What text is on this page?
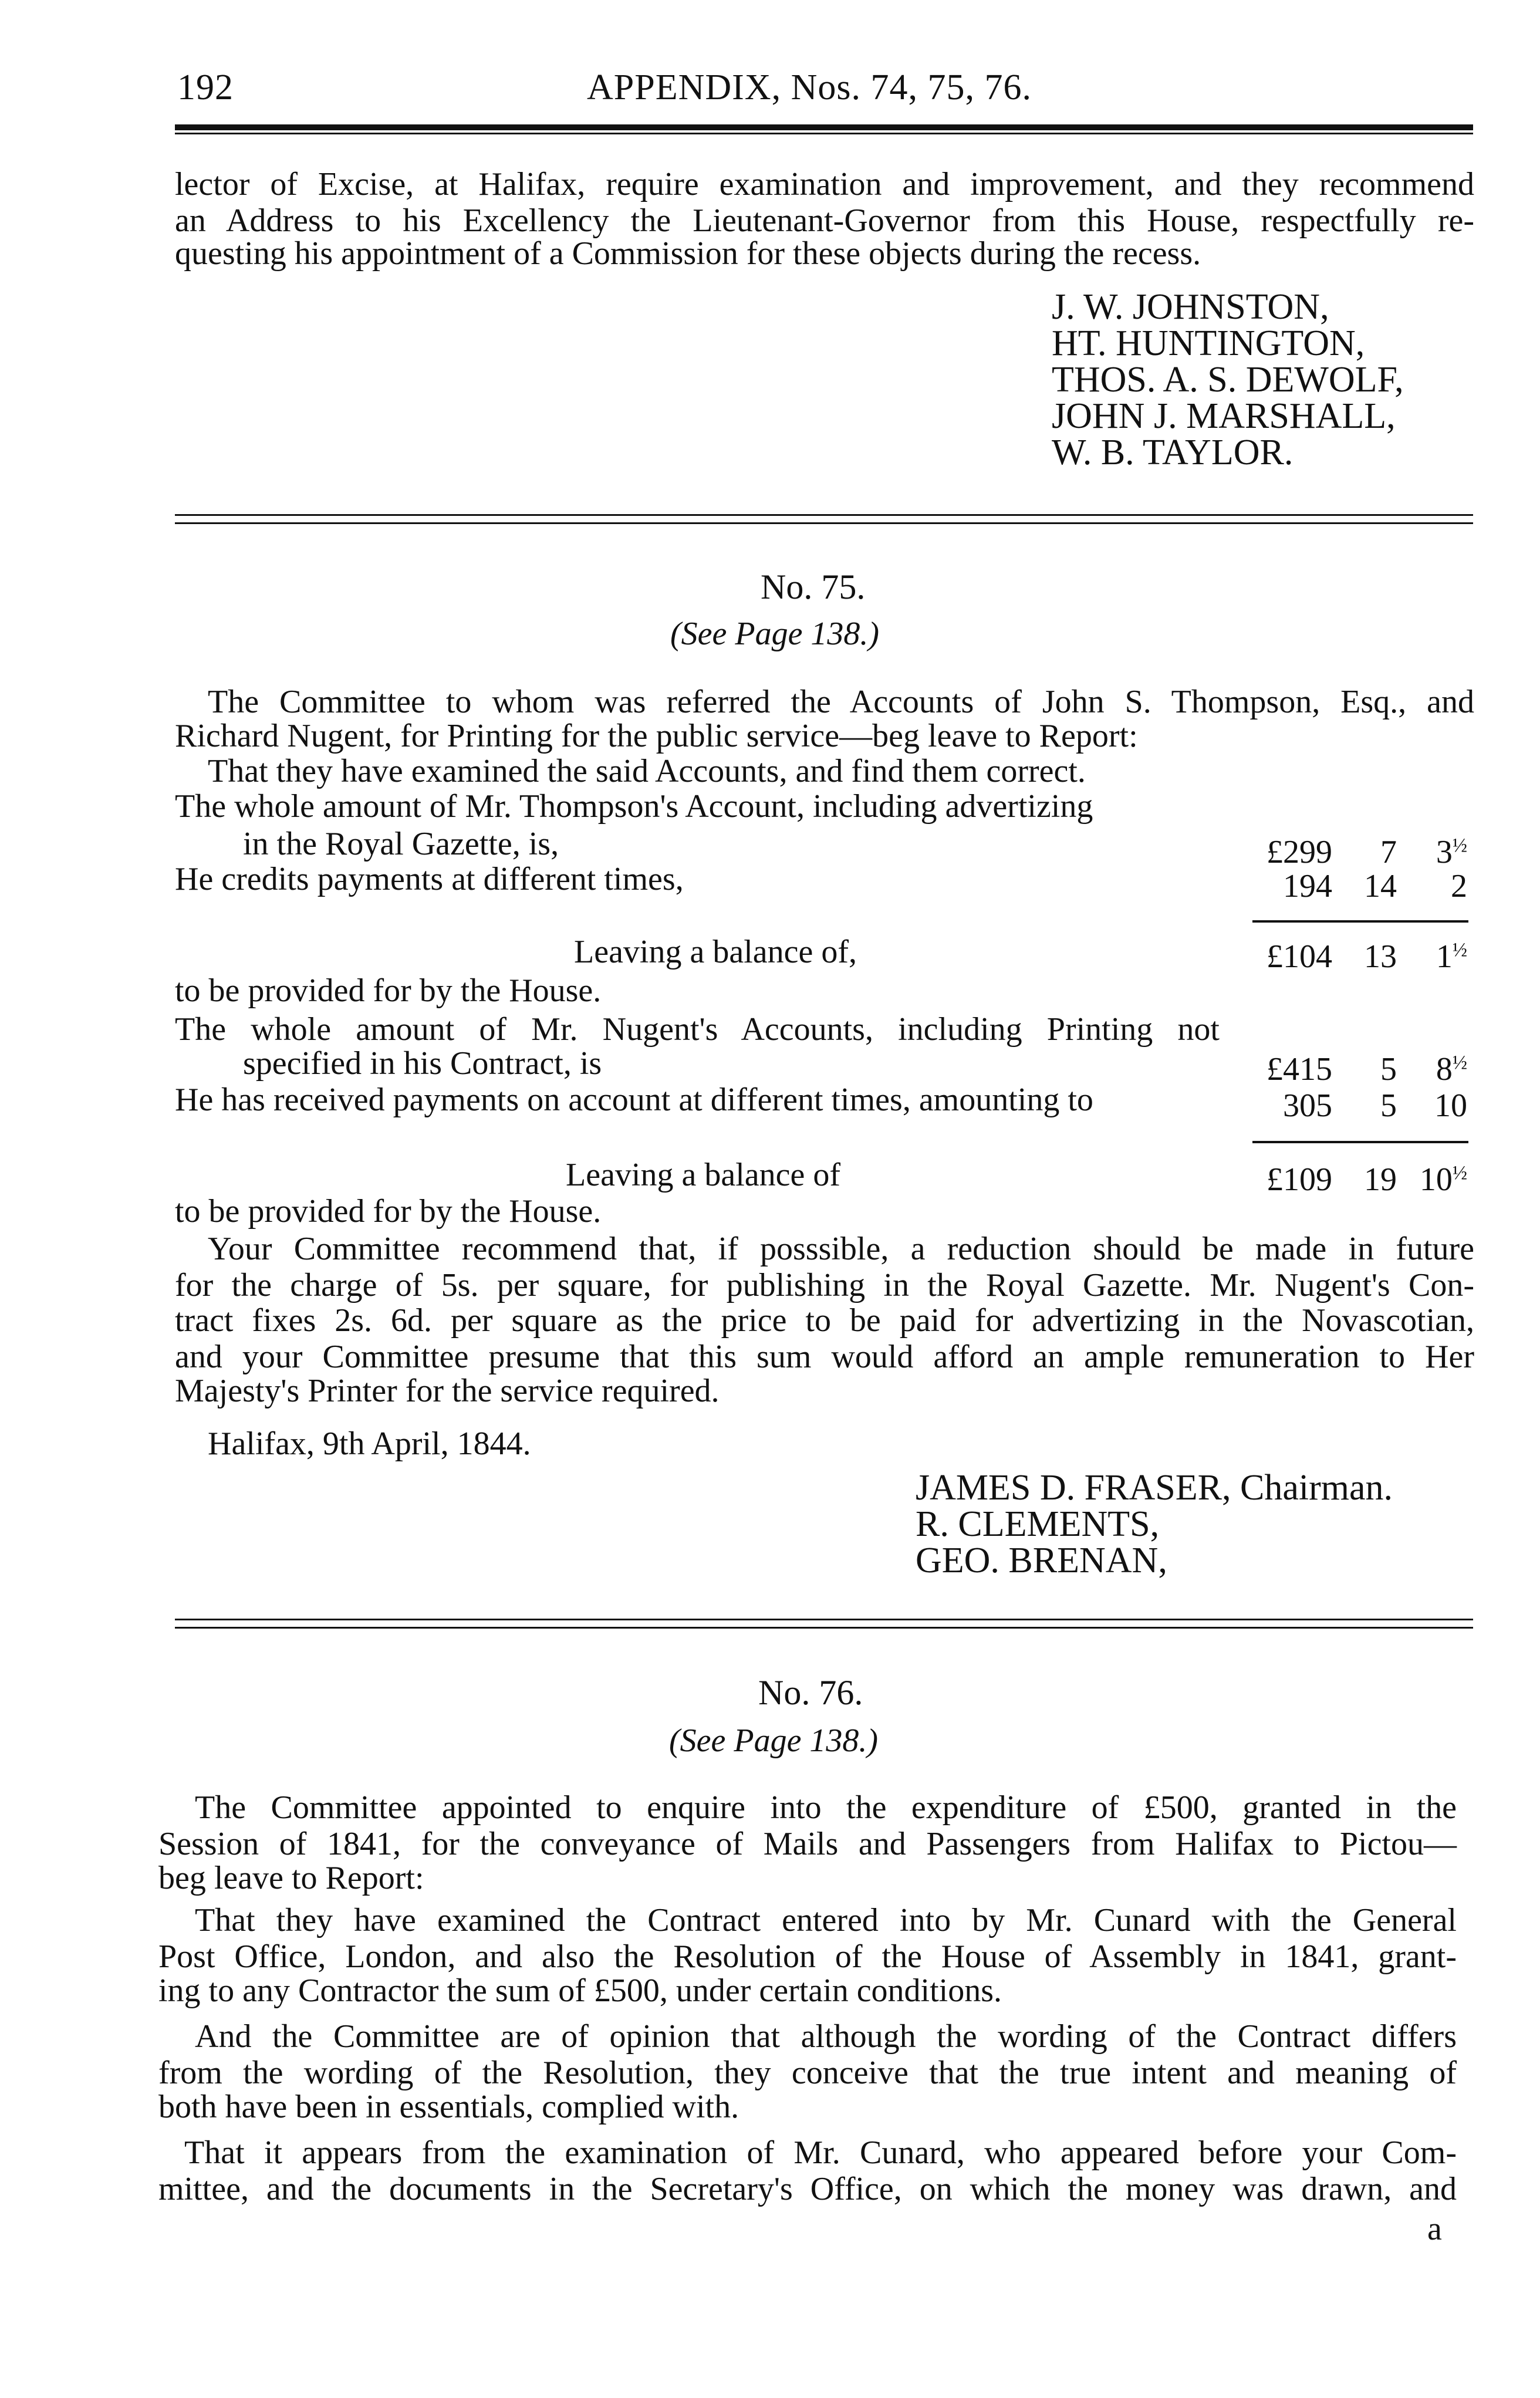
192	APPENDIX, Nos. 74, 75, 76.
lector of Excise, at Halifax, require examination and improvement, and they recommend
an Address to his Excellency the Lieutenant-Governor from this House, respectfully re-
questing his appointment of a Commission for these objects during the recess.
J. W. JOHNSTON,
HT. HUNTINGTON,
THOS. A. S. DEWOLF,
JOHN J. MARSHALL,
W. B. TAYLOR.
No. 75.
(See Page 138.)
The Committee to whom was referred the Accounts of John S. Thompson, Esq., and
Richard Nugent, for Printing for the public service—beg leave to Report:
That they have examined the said Accounts, and find them correct.
The whole amount of Mr. Thompson's Account, including advertizing
in the Royal Gazette, is,	£299	7	$3^{\frac{1}{2}}$
He credits payments at different times,	194 14	2
Leaving a balance of,	£104 13	$1^{\frac{1}{2}}$
to be provided for by the House.
The whole amount of Mr. Nugent's Accounts, including Printing not
specified in his Contract, is	£415	5	$8^{\frac{1}{2}}$
He has received payments on account at different times, amounting to	305	5	10
Leaving a balance of	£109 19 $10^{\frac{1}{2}}$
to be provided for by the House.
Your Committee recommend that, if posssible, a reduction should be made in future
for the charge of 5s. per square, for publishing in the Royal Gazette. Mr. Nugent's Con-
tract fixes 2s. 6d. per square as the price to be paid for advertizing in the Novascotian,
and your Committee presume that this sum would afford an ample remuneration to Her
Majesty's Printer for the service required.
Halifax, 9th April, 1844.
JAMES D. FRASER, Chairman.
R. CLEMENTS,
GEO. BRENAN,
No. 76.
(See Page 138.)
The Committee appointed to enquire into the expenditure of £500, granted in the
Session of 1841, for the conveyance of Mails and Passengers from Halifax to Pictou—
beg leave to Report:
That they have examined the Contract entered into by Mr. Cunard with the General
Post Office, London, and also the Resolution of the House of Assembly in 1841, grant-
ing to any Contractor the sum of £500, under certain conditions.
And the Committee are of opinion that although the wording of the Contract differs
from the wording of the Resolution, they conceive that the true intent and meaning of
both have been in essentials, complied with.
That it appears from the examination of Mr. Cunard, who appeared before your Com-
mittee, and the documents in the Secretary's Office, on which the money was drawn, and
a
